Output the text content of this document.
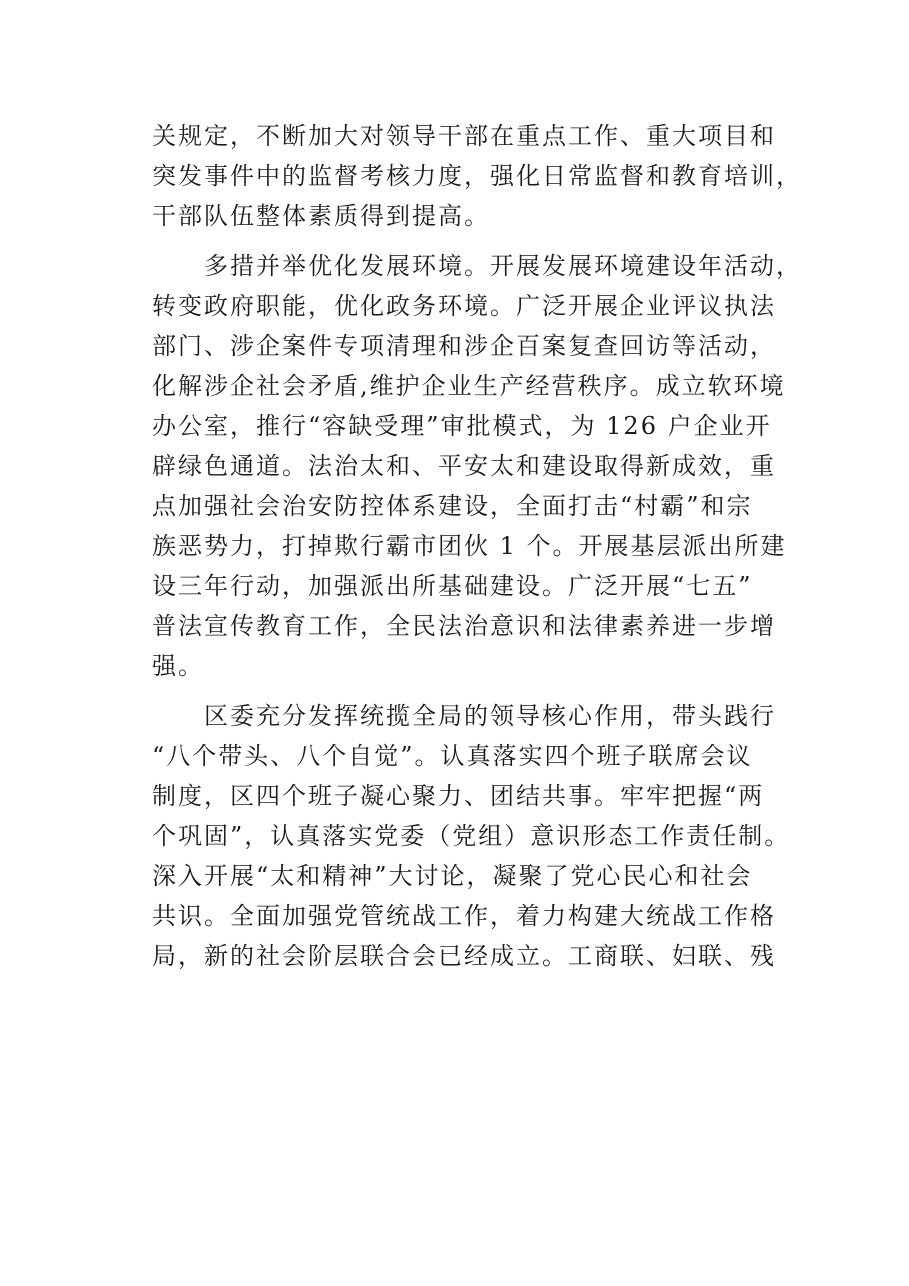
关规定，不断加大对领导干部在重点工作、重大项目和
突发事件中的监督考核力度，强化日常监督和教育培训，
干部队伍整体素质得到提高。
　　多措并举优化发展环境。开展发展环境建设年活动，
转变政府职能，优化政务环境。广泛开展企业评议执法
部门、涉企案件专项清理和涉企百案复查回访等活动，
化解涉企社会矛盾,维护企业生产经营秩序。成立软环境
办公室，推行“容缺受理”审批模式，为 126 户企业开
辟绿色通道。法治太和、平安太和建设取得新成效，重
点加强社会治安防控体系建设，全面打击“村霸”和宗
族恶势力，打掉欺行霸市团伙 1 个。开展基层派出所建
设三年行动，加强派出所基础建设。广泛开展“七五”
普法宣传教育工作，全民法治意识和法律素养进一步增
强。
　　区委充分发挥统揽全局的领导核心作用，带头践行
“八个带头、八个自觉”。认真落实四个班子联席会议
制度，区四个班子凝心聚力、团结共事。牢牢把握“两
个巩固”，认真落实党委（党组）意识形态工作责任制。
深入开展“太和精神”大讨论，凝聚了党心民心和社会
共识。全面加强党管统战工作，着力构建大统战工作格
局，新的社会阶层联合会已经成立。工商联、妇联、残
